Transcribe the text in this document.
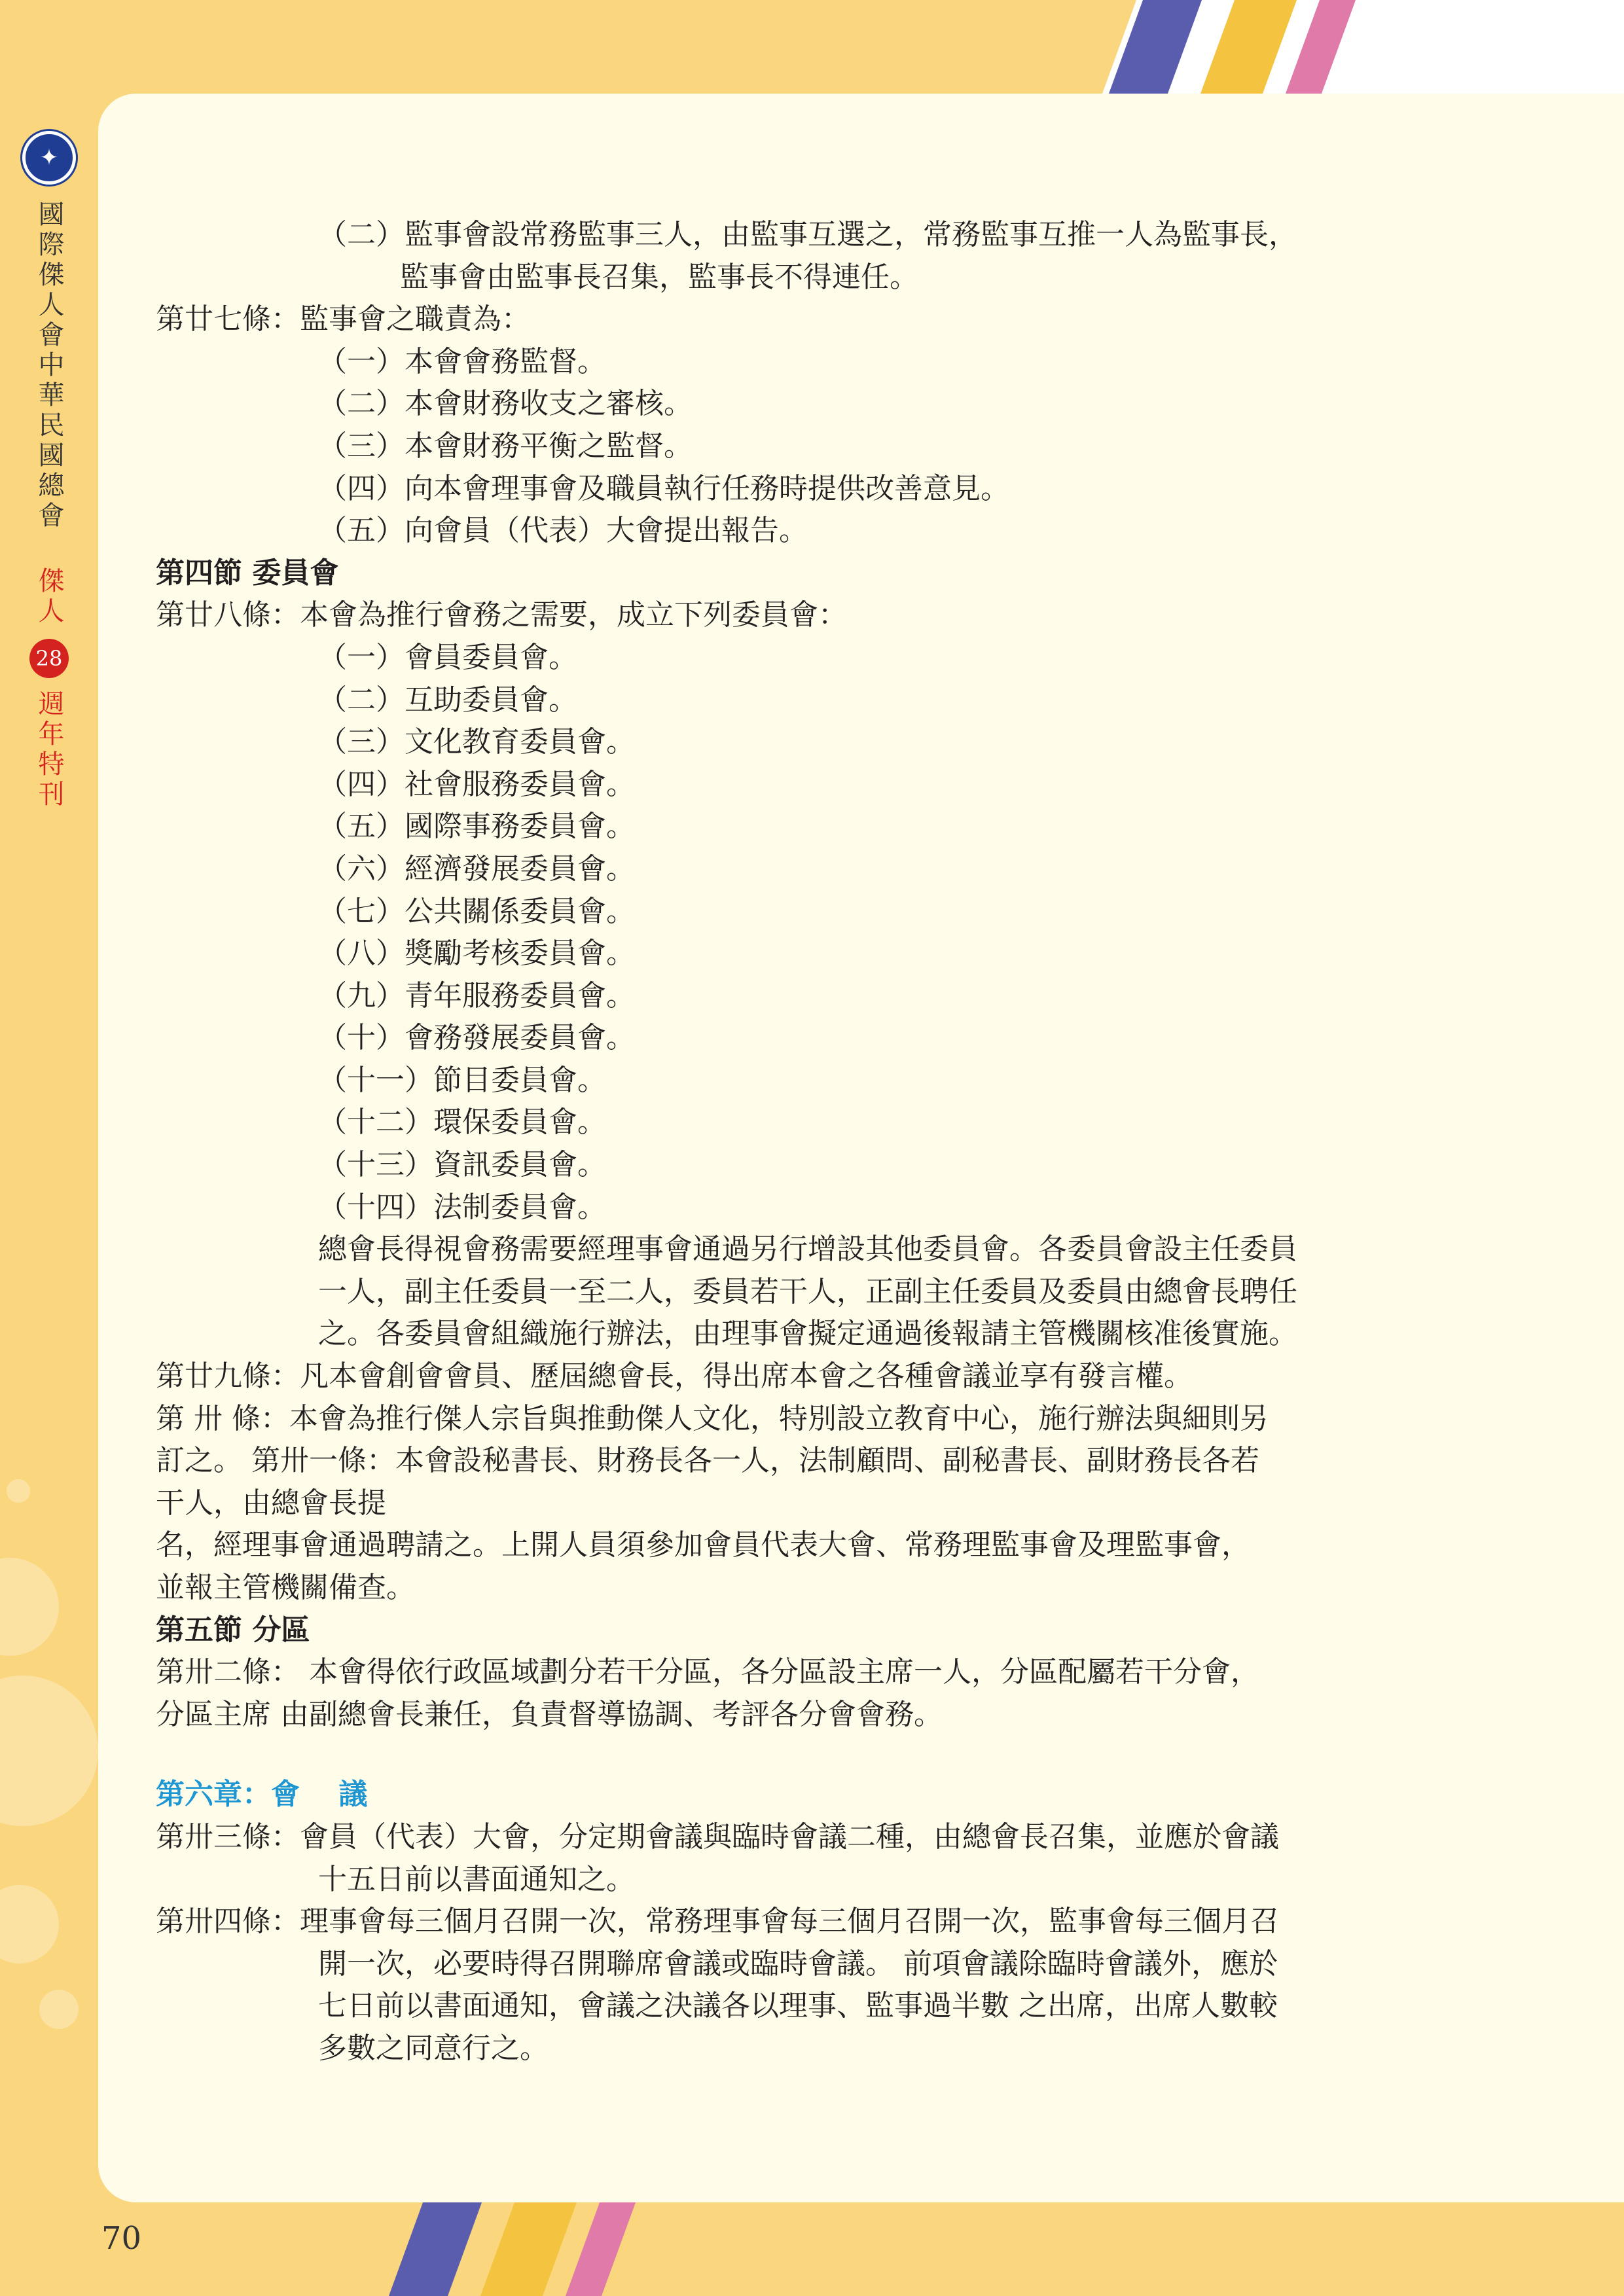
✦
國際傑人會中華民國總會
傑人
28
週年特刊

（二）監事會設常務監事三人，由監事互選之，常務監事互推一人為監事長，

監事會由監事長召集，監事長不得連任。

第廿七條：監事會之職責為：

（一）本會會務監督。

（二）本會財務收支之審核。

（三）本會財務平衡之監督。

（四）向本會理事會及職員執行任務時提供改善意見。

（五）向會員（代表）大會提出報告。

第四節 委員會

第廿八條：本會為推行會務之需要，成立下列委員會：

（一）會員委員會。

（二）互助委員會。

（三）文化教育委員會。

（四）社會服務委員會。

（五）國際事務委員會。

（六）經濟發展委員會。

（七）公共關係委員會。

（八）獎勵考核委員會。

（九）青年服務委員會。

（十）會務發展委員會。

（十一）節目委員會。

（十二）環保委員會。

（十三）資訊委員會。

（十四）法制委員會。

總會長得視會務需要經理事會通過另行增設其他委員會。各委員會設主任委員

一人，副主任委員一至二人，委員若干人，正副主任委員及委員由總會長聘任

之。各委員會組織施行辦法，由理事會擬定通過後報請主管機關核准後實施。

第廿九條：凡本會創會會員、歷屆總會長，得出席本會之各種會議並享有發言權。

第 卅 條：本會為推行傑人宗旨與推動傑人文化，特別設立教育中心，施行辦法與細則另

訂之。 第卅一條：本會設秘書長、財務長各一人，法制顧問、副秘書長、副財務長各若

干人，由總會長提

名，經理事會通過聘請之。上開人員須參加會員代表大會、常務理監事會及理監事會，

並報主管機關備查。

第五節 分區

第卅二條： 本會得依行政區域劃分若干分區，各分區設主席一人，分區配屬若干分會，

分區主席 由副總會長兼任，負責督導協調、考評各分會會務。

第六章：會　 議

第卅三條：會員（代表）大會，分定期會議與臨時會議二種，由總會長召集，並應於會議

十五日前以書面通知之。

第卅四條：理事會每三個月召開一次，常務理事會每三個月召開一次，監事會每三個月召

開一次，必要時得召開聯席會議或臨時會議。 前項會議除臨時會議外，應於

七日前以書面通知，會議之決議各以理事、監事過半數 之出席，出席人數較

多數之同意行之。

70
